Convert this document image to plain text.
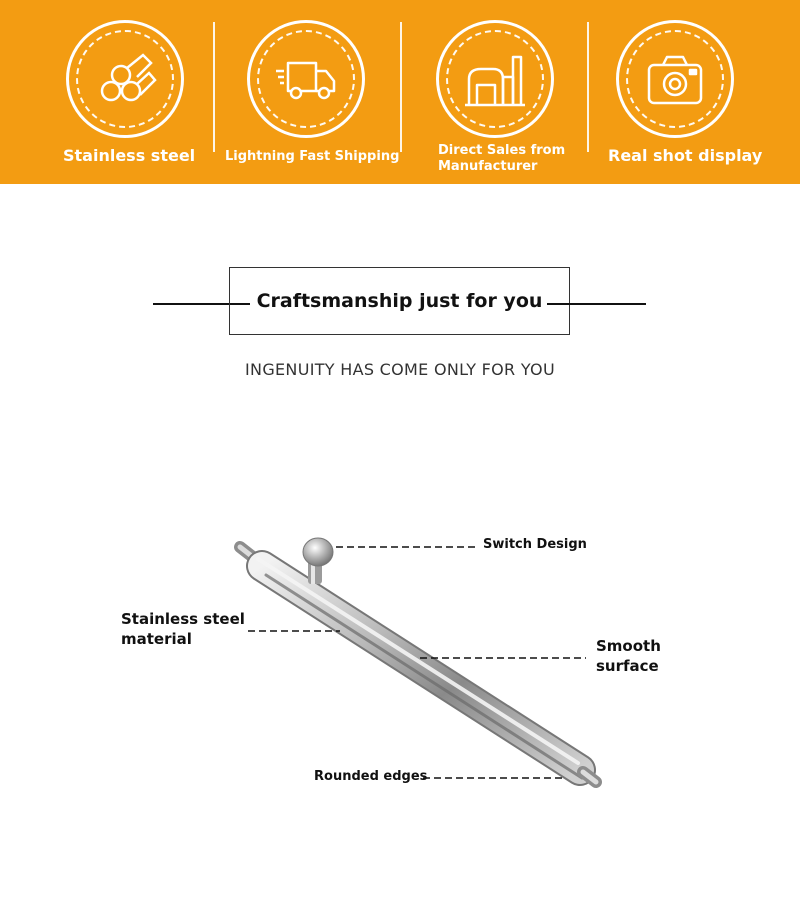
Stainless steel Lightning Fast Shipping	Direct Sales from
Manufacturer
Real shot display
Craftsmanship just for you
INGENUITY HAS COME ONLY FOR YOU
Switch Design
Stainless steel
material	Smooth
surface
Rounded edges
